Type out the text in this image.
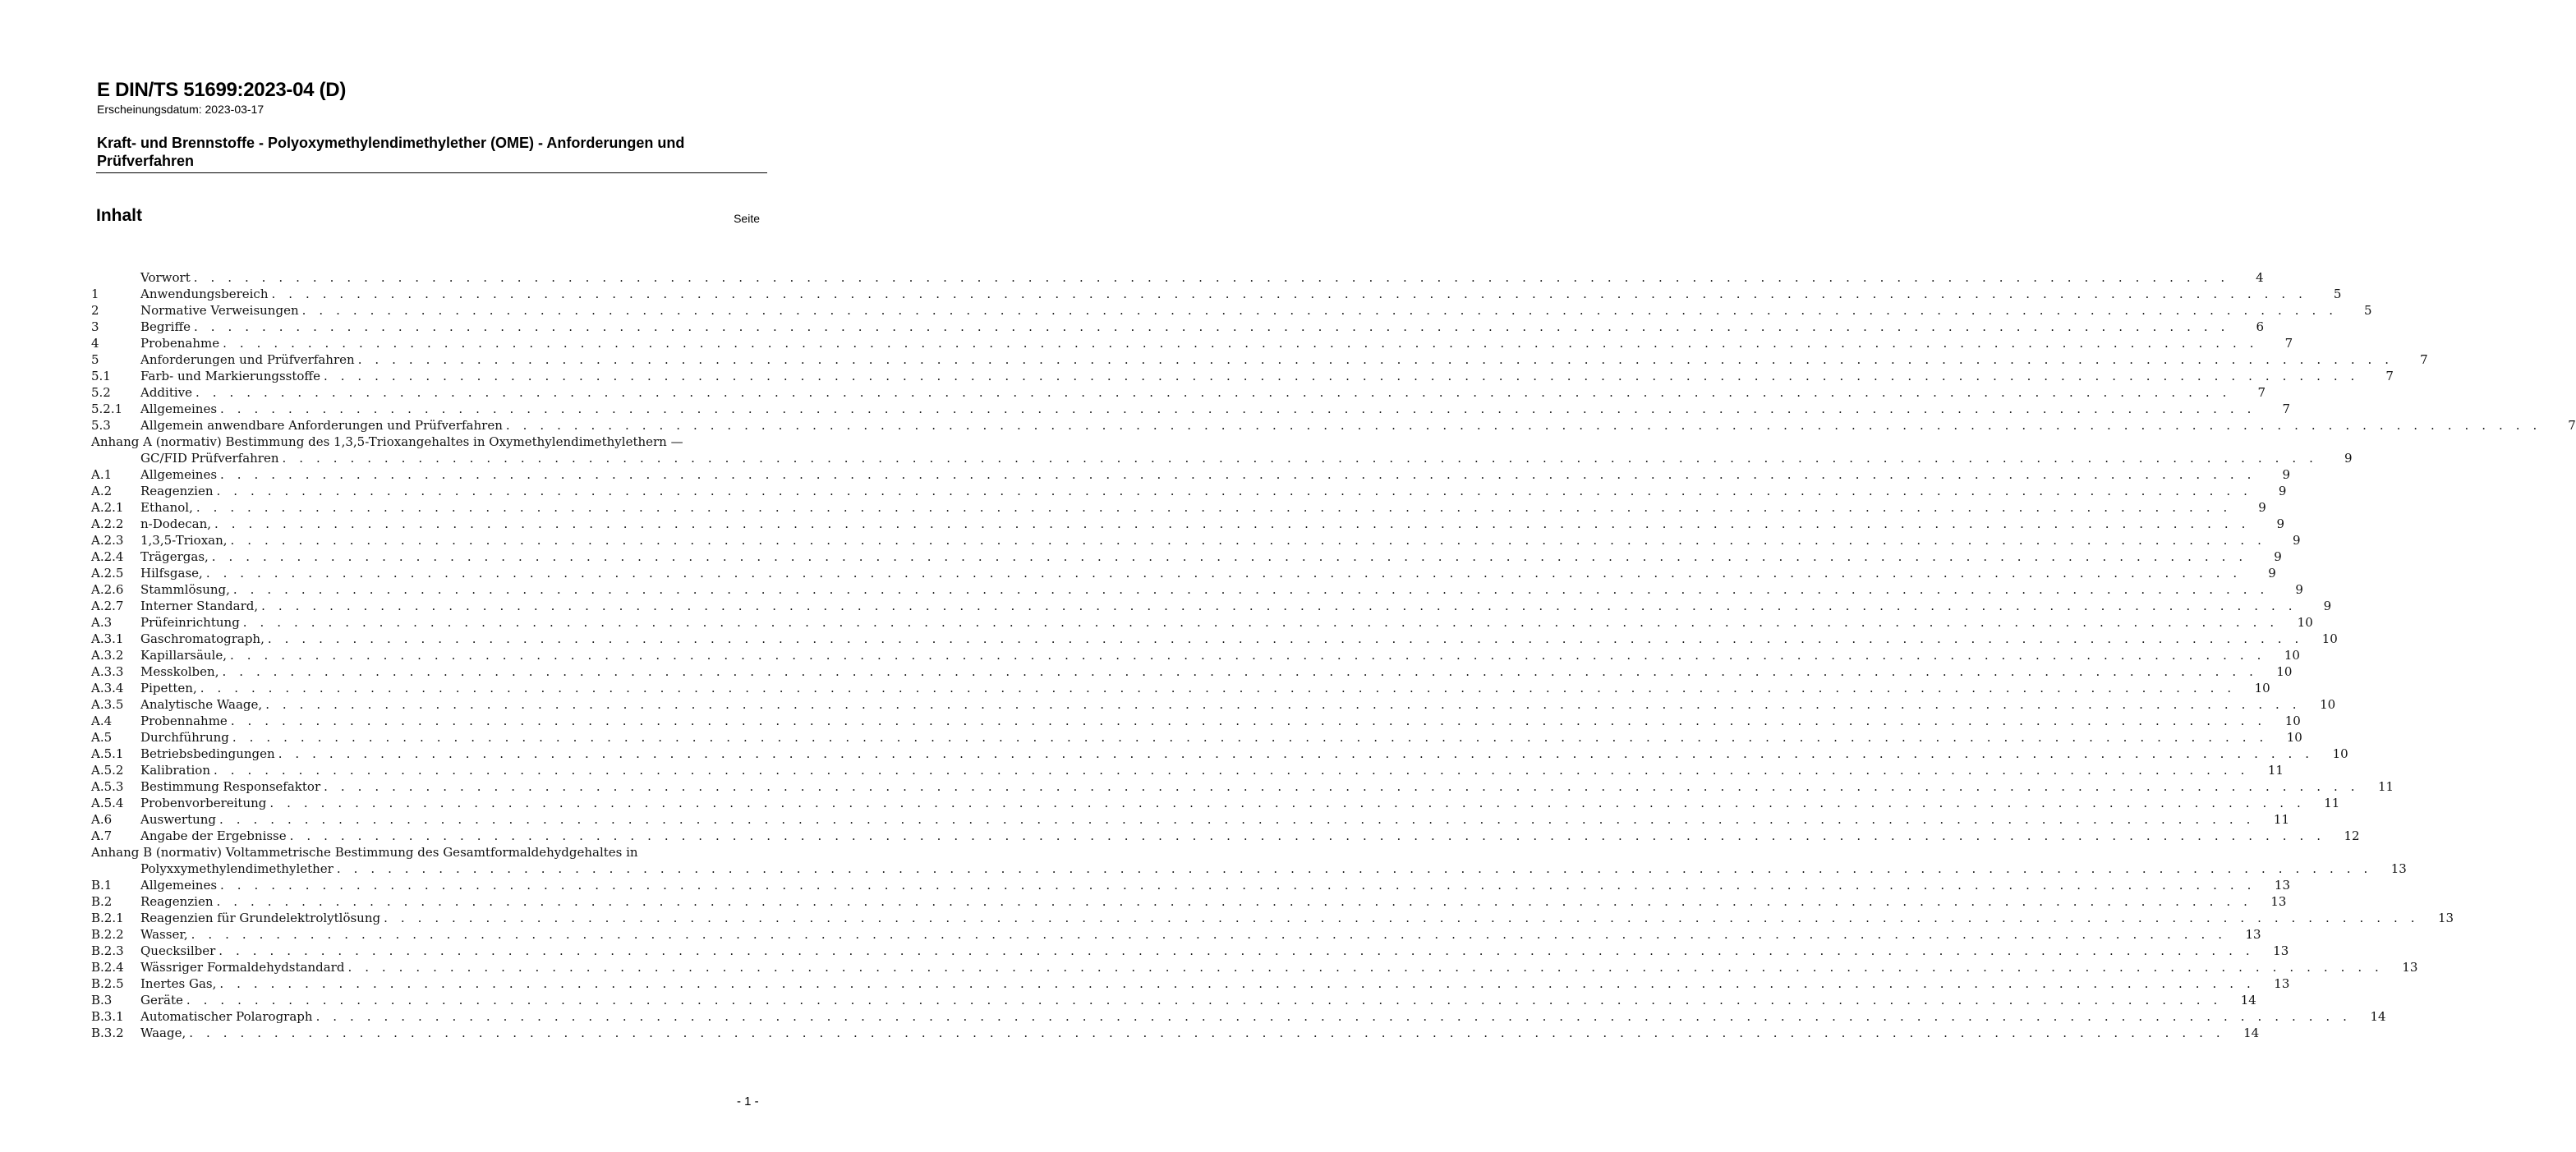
E DIN/TS 51699:2023-04 (D)

Erscheinungsdatum: 2023-03-17

Kraft- und Brennstoffe - Polyoxymethylendimethylether (OME) - Anforderungen und Prüfverfahren
Inhalt	Seite

Vorwort . . . . . . . . . . . . . . . . . . . . . . . . . . . . . . . . . . . . . . . . . . . . . . . . . . . . . . . . . . . . . . . . . . . . . . . . . . . . . . . . . . . . . . . . . . . . . . . . . . . . . . . . . . . . . . . . . . . . . . . .	4
1	Anwendungsbereich . . . . . . . . . . . . . . . . . . . . . . . . . . . . . . . . . . . . . . . . . . . . . . . . . . . . . . . . . . . . . . . . . . . . . . . . . . . . . . . . . . . . . . . . . . . . . . . . . . . . . . . . . . . . . . . . . . . . . . . .	5
2	Normative Verweisungen . . . . . . . . . . . . . . . . . . . . . . . . . . . . . . . . . . . . . . . . . . . . . . . . . . . . . . . . . . . . . . . . . . . . . . . . . . . . . . . . . . . . . . . . . . . . . . . . . . . . . . . . . . . . . . . . . . . . . . . .	5
3	Begriffe . . . . . . . . . . . . . . . . . . . . . . . . . . . . . . . . . . . . . . . . . . . . . . . . . . . . . . . . . . . . . . . . . . . . . . . . . . . . . . . . . . . . . . . . . . . . . . . . . . . . . . . . . . . . . . . . . . . . . . . .	6
4	Probenahme . . . . . . . . . . . . . . . . . . . . . . . . . . . . . . . . . . . . . . . . . . . . . . . . . . . . . . . . . . . . . . . . . . . . . . . . . . . . . . . . . . . . . . . . . . . . . . . . . . . . . . . . . . . . . . . . . . . . . . . .	7
5	Anforderungen und Prüfverfahren . . . . . . . . . . . . . . . . . . . . . . . . . . . . . . . . . . . . . . . . . . . . . . . . . . . . . . . . . . . . . . . . . . . . . . . . . . . . . . . . . . . . . . . . . . . . . . . . . . . . . . . . . . . . . . . . . . . . . . . .	7
5.1	Farb- und Markierungsstoffe . . . . . . . . . . . . . . . . . . . . . . . . . . . . . . . . . . . . . . . . . . . . . . . . . . . . . . . . . . . . . . . . . . . . . . . . . . . . . . . . . . . . . . . . . . . . . . . . . . . . . . . . . . . . . . . . . . . . . . . .	7
5.2	Additive . . . . . . . . . . . . . . . . . . . . . . . . . . . . . . . . . . . . . . . . . . . . . . . . . . . . . . . . . . . . . . . . . . . . . . . . . . . . . . . . . . . . . . . . . . . . . . . . . . . . . . . . . . . . . . . . . . . . . . . .	7
5.2.1	Allgemeines . . . . . . . . . . . . . . . . . . . . . . . . . . . . . . . . . . . . . . . . . . . . . . . . . . . . . . . . . . . . . . . . . . . . . . . . . . . . . . . . . . . . . . . . . . . . . . . . . . . . . . . . . . . . . . . . . . . . . . . .	7
5.3	Allgemein anwendbare Anforderungen und Prüfverfahren . . . . . . . . . . . . . . . . . . . . . . . . . . . . . . . . . . . . . . . . . . . . . . . . . . . . . . . . . . . . . . . . . . . . . . . . . . . . . . . . . . . . . . . . . . . . . . . . . . . . . . . . . . . . . . . . . . . . . . . .	7
Anhang A (normativ) Bestimmung des 1,3,5-Trioxangehaltes in Oxymethylendimethylethern —
GC/FID Prüfverfahren . . . . . . . . . . . . . . . . . . . . . . . . . . . . . . . . . . . . . . . . . . . . . . . . . . . . . . . . . . . . . . . . . . . . . . . . . . . . . . . . . . . . . . . . . . . . . . . . . . . . . . . . . . . . . . . . . . . . . . . .	9
A.1	Allgemeines . . . . . . . . . . . . . . . . . . . . . . . . . . . . . . . . . . . . . . . . . . . . . . . . . . . . . . . . . . . . . . . . . . . . . . . . . . . . . . . . . . . . . . . . . . . . . . . . . . . . . . . . . . . . . . . . . . . . . . . .	9
A.2	Reagenzien . . . . . . . . . . . . . . . . . . . . . . . . . . . . . . . . . . . . . . . . . . . . . . . . . . . . . . . . . . . . . . . . . . . . . . . . . . . . . . . . . . . . . . . . . . . . . . . . . . . . . . . . . . . . . . . . . . . . . . . .	9
A.2.1	Ethanol, . . . . . . . . . . . . . . . . . . . . . . . . . . . . . . . . . . . . . . . . . . . . . . . . . . . . . . . . . . . . . . . . . . . . . . . . . . . . . . . . . . . . . . . . . . . . . . . . . . . . . . . . . . . . . . . . . . . . . . . .	9
A.2.2	n-Dodecan, . . . . . . . . . . . . . . . . . . . . . . . . . . . . . . . . . . . . . . . . . . . . . . . . . . . . . . . . . . . . . . . . . . . . . . . . . . . . . . . . . . . . . . . . . . . . . . . . . . . . . . . . . . . . . . . . . . . . . . . .	9
A.2.3	1,3,5-Trioxan, . . . . . . . . . . . . . . . . . . . . . . . . . . . . . . . . . . . . . . . . . . . . . . . . . . . . . . . . . . . . . . . . . . . . . . . . . . . . . . . . . . . . . . . . . . . . . . . . . . . . . . . . . . . . . . . . . . . . . . . .	9
A.2.4	Trägergas, . . . . . . . . . . . . . . . . . . . . . . . . . . . . . . . . . . . . . . . . . . . . . . . . . . . . . . . . . . . . . . . . . . . . . . . . . . . . . . . . . . . . . . . . . . . . . . . . . . . . . . . . . . . . . . . . . . . . . . . .	9
A.2.5	Hilfsgase, . . . . . . . . . . . . . . . . . . . . . . . . . . . . . . . . . . . . . . . . . . . . . . . . . . . . . . . . . . . . . . . . . . . . . . . . . . . . . . . . . . . . . . . . . . . . . . . . . . . . . . . . . . . . . . . . . . . . . . . .	9
A.2.6	Stammlösung, . . . . . . . . . . . . . . . . . . . . . . . . . . . . . . . . . . . . . . . . . . . . . . . . . . . . . . . . . . . . . . . . . . . . . . . . . . . . . . . . . . . . . . . . . . . . . . . . . . . . . . . . . . . . . . . . . . . . . . . .	9
A.2.7	Interner Standard, . . . . . . . . . . . . . . . . . . . . . . . . . . . . . . . . . . . . . . . . . . . . . . . . . . . . . . . . . . . . . . . . . . . . . . . . . . . . . . . . . . . . . . . . . . . . . . . . . . . . . . . . . . . . . . . . . . . . . . . .	9
A.3	Prüfeinrichtung . . . . . . . . . . . . . . . . . . . . . . . . . . . . . . . . . . . . . . . . . . . . . . . . . . . . . . . . . . . . . . . . . . . . . . . . . . . . . . . . . . . . . . . . . . . . . . . . . . . . . . . . . . . . . . . . . . . . . . . .	10
A.3.1	Gaschromatograph, . . . . . . . . . . . . . . . . . . . . . . . . . . . . . . . . . . . . . . . . . . . . . . . . . . . . . . . . . . . . . . . . . . . . . . . . . . . . . . . . . . . . . . . . . . . . . . . . . . . . . . . . . . . . . . . . . . . . . . . .	10
A.3.2	Kapillarsäule, . . . . . . . . . . . . . . . . . . . . . . . . . . . . . . . . . . . . . . . . . . . . . . . . . . . . . . . . . . . . . . . . . . . . . . . . . . . . . . . . . . . . . . . . . . . . . . . . . . . . . . . . . . . . . . . . . . . . . . . .	10
A.3.3	Messkolben, . . . . . . . . . . . . . . . . . . . . . . . . . . . . . . . . . . . . . . . . . . . . . . . . . . . . . . . . . . . . . . . . . . . . . . . . . . . . . . . . . . . . . . . . . . . . . . . . . . . . . . . . . . . . . . . . . . . . . . . .	10
A.3.4	Pipetten, . . . . . . . . . . . . . . . . . . . . . . . . . . . . . . . . . . . . . . . . . . . . . . . . . . . . . . . . . . . . . . . . . . . . . . . . . . . . . . . . . . . . . . . . . . . . . . . . . . . . . . . . . . . . . . . . . . . . . . . .	10
A.3.5	Analytische Waage, . . . . . . . . . . . . . . . . . . . . . . . . . . . . . . . . . . . . . . . . . . . . . . . . . . . . . . . . . . . . . . . . . . . . . . . . . . . . . . . . . . . . . . . . . . . . . . . . . . . . . . . . . . . . . . . . . . . . . . . .	10
A.4	Probennahme . . . . . . . . . . . . . . . . . . . . . . . . . . . . . . . . . . . . . . . . . . . . . . . . . . . . . . . . . . . . . . . . . . . . . . . . . . . . . . . . . . . . . . . . . . . . . . . . . . . . . . . . . . . . . . . . . . . . . . . .	10
A.5	Durchführung . . . . . . . . . . . . . . . . . . . . . . . . . . . . . . . . . . . . . . . . . . . . . . . . . . . . . . . . . . . . . . . . . . . . . . . . . . . . . . . . . . . . . . . . . . . . . . . . . . . . . . . . . . . . . . . . . . . . . . . .	10
A.5.1	Betriebsbedingungen . . . . . . . . . . . . . . . . . . . . . . . . . . . . . . . . . . . . . . . . . . . . . . . . . . . . . . . . . . . . . . . . . . . . . . . . . . . . . . . . . . . . . . . . . . . . . . . . . . . . . . . . . . . . . . . . . . . . . . . .	10
A.5.2	Kalibration . . . . . . . . . . . . . . . . . . . . . . . . . . . . . . . . . . . . . . . . . . . . . . . . . . . . . . . . . . . . . . . . . . . . . . . . . . . . . . . . . . . . . . . . . . . . . . . . . . . . . . . . . . . . . . . . . . . . . . . .	11
A.5.3	Bestimmung Responsefaktor . . . . . . . . . . . . . . . . . . . . . . . . . . . . . . . . . . . . . . . . . . . . . . . . . . . . . . . . . . . . . . . . . . . . . . . . . . . . . . . . . . . . . . . . . . . . . . . . . . . . . . . . . . . . . . . . . . . . . . . .	11
A.5.4	Probenvorbereitung . . . . . . . . . . . . . . . . . . . . . . . . . . . . . . . . . . . . . . . . . . . . . . . . . . . . . . . . . . . . . . . . . . . . . . . . . . . . . . . . . . . . . . . . . . . . . . . . . . . . . . . . . . . . . . . . . . . . . . . .	11
A.6	Auswertung . . . . . . . . . . . . . . . . . . . . . . . . . . . . . . . . . . . . . . . . . . . . . . . . . . . . . . . . . . . . . . . . . . . . . . . . . . . . . . . . . . . . . . . . . . . . . . . . . . . . . . . . . . . . . . . . . . . . . . . .	11
A.7	Angabe der Ergebnisse . . . . . . . . . . . . . . . . . . . . . . . . . . . . . . . . . . . . . . . . . . . . . . . . . . . . . . . . . . . . . . . . . . . . . . . . . . . . . . . . . . . . . . . . . . . . . . . . . . . . . . . . . . . . . . . . . . . . . . . .	12
Anhang B (normativ) Voltammetrische Bestimmung des Gesamtformaldehydgehaltes in
Polyxxymethylendimethylether . . . . . . . . . . . . . . . . . . . . . . . . . . . . . . . . . . . . . . . . . . . . . . . . . . . . . . . . . . . . . . . . . . . . . . . . . . . . . . . . . . . . . . . . . . . . . . . . . . . . . . . . . . . . . . . . . . . . . . . .	13
B.1	Allgemeines . . . . . . . . . . . . . . . . . . . . . . . . . . . . . . . . . . . . . . . . . . . . . . . . . . . . . . . . . . . . . . . . . . . . . . . . . . . . . . . . . . . . . . . . . . . . . . . . . . . . . . . . . . . . . . . . . . . . . . . .	13
B.2	Reagenzien . . . . . . . . . . . . . . . . . . . . . . . . . . . . . . . . . . . . . . . . . . . . . . . . . . . . . . . . . . . . . . . . . . . . . . . . . . . . . . . . . . . . . . . . . . . . . . . . . . . . . . . . . . . . . . . . . . . . . . . .	13
B.2.1	Reagenzien für Grundelektrolytlösung . . . . . . . . . . . . . . . . . . . . . . . . . . . . . . . . . . . . . . . . . . . . . . . . . . . . . . . . . . . . . . . . . . . . . . . . . . . . . . . . . . . . . . . . . . . . . . . . . . . . . . . . . . . . . . . . . . . . . . . .	13
B.2.2	Wasser, . . . . . . . . . . . . . . . . . . . . . . . . . . . . . . . . . . . . . . . . . . . . . . . . . . . . . . . . . . . . . . . . . . . . . . . . . . . . . . . . . . . . . . . . . . . . . . . . . . . . . . . . . . . . . . . . . . . . . . . .	13
B.2.3	Quecksilber . . . . . . . . . . . . . . . . . . . . . . . . . . . . . . . . . . . . . . . . . . . . . . . . . . . . . . . . . . . . . . . . . . . . . . . . . . . . . . . . . . . . . . . . . . . . . . . . . . . . . . . . . . . . . . . . . . . . . . . .	13
B.2.4	Wässriger Formaldehydstandard . . . . . . . . . . . . . . . . . . . . . . . . . . . . . . . . . . . . . . . . . . . . . . . . . . . . . . . . . . . . . . . . . . . . . . . . . . . . . . . . . . . . . . . . . . . . . . . . . . . . . . . . . . . . . . . . . . . . . . . .	13
B.2.5	Inertes Gas, . . . . . . . . . . . . . . . . . . . . . . . . . . . . . . . . . . . . . . . . . . . . . . . . . . . . . . . . . . . . . . . . . . . . . . . . . . . . . . . . . . . . . . . . . . . . . . . . . . . . . . . . . . . . . . . . . . . . . . . .	13
B.3	Geräte . . . . . . . . . . . . . . . . . . . . . . . . . . . . . . . . . . . . . . . . . . . . . . . . . . . . . . . . . . . . . . . . . . . . . . . . . . . . . . . . . . . . . . . . . . . . . . . . . . . . . . . . . . . . . . . . . . . . . . . .	14
B.3.1	Automatischer Polarograph . . . . . . . . . . . . . . . . . . . . . . . . . . . . . . . . . . . . . . . . . . . . . . . . . . . . . . . . . . . . . . . . . . . . . . . . . . . . . . . . . . . . . . . . . . . . . . . . . . . . . . . . . . . . . . . . . . . . . . . .	14
B.3.2	Waage, . . . . . . . . . . . . . . . . . . . . . . . . . . . . . . . . . . . . . . . . . . . . . . . . . . . . . . . . . . . . . . . . . . . . . . . . . . . . . . . . . . . . . . . . . . . . . . . . . . . . . . . . . . . . . . . . . . . . . . . .	14

- 1 -
